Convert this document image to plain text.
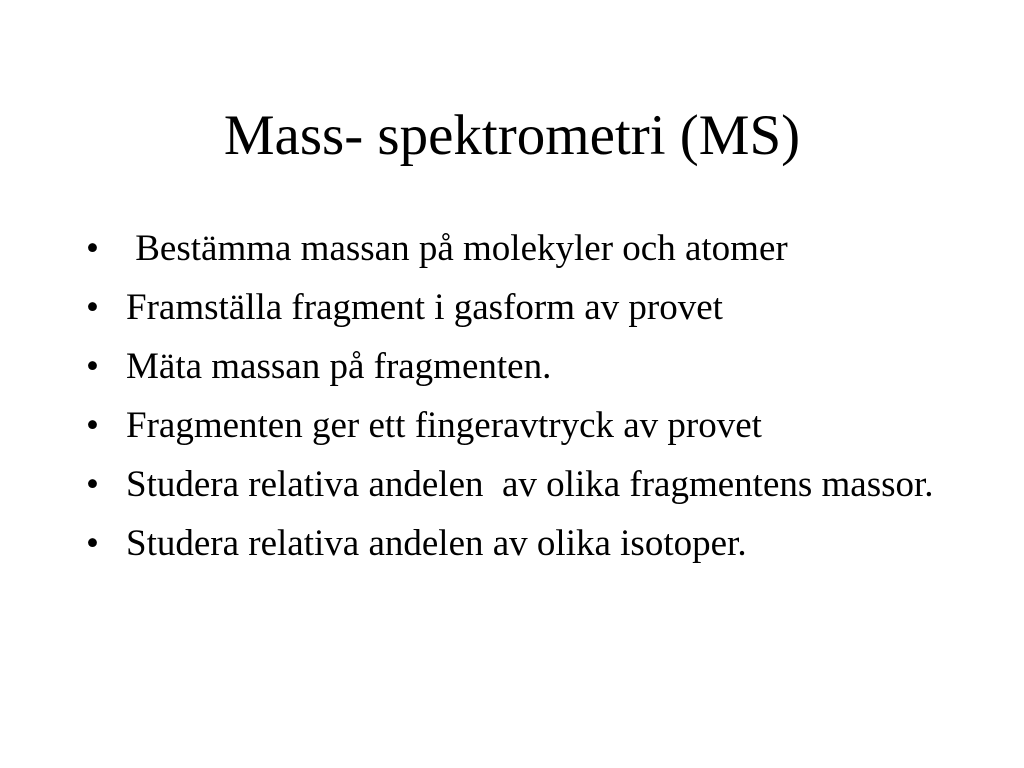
Mass- spektrometri (MS)
• Bestämma massan på molekyler och atomer
• Framställa fragment i gasform av provet
• Mäta massan på fragmenten.
• Fragmenten ger ett fingeravtryck av provet
• Studera relativa andelen  av olika fragmentens massor.
• Studera relativa andelen av olika isotoper.
